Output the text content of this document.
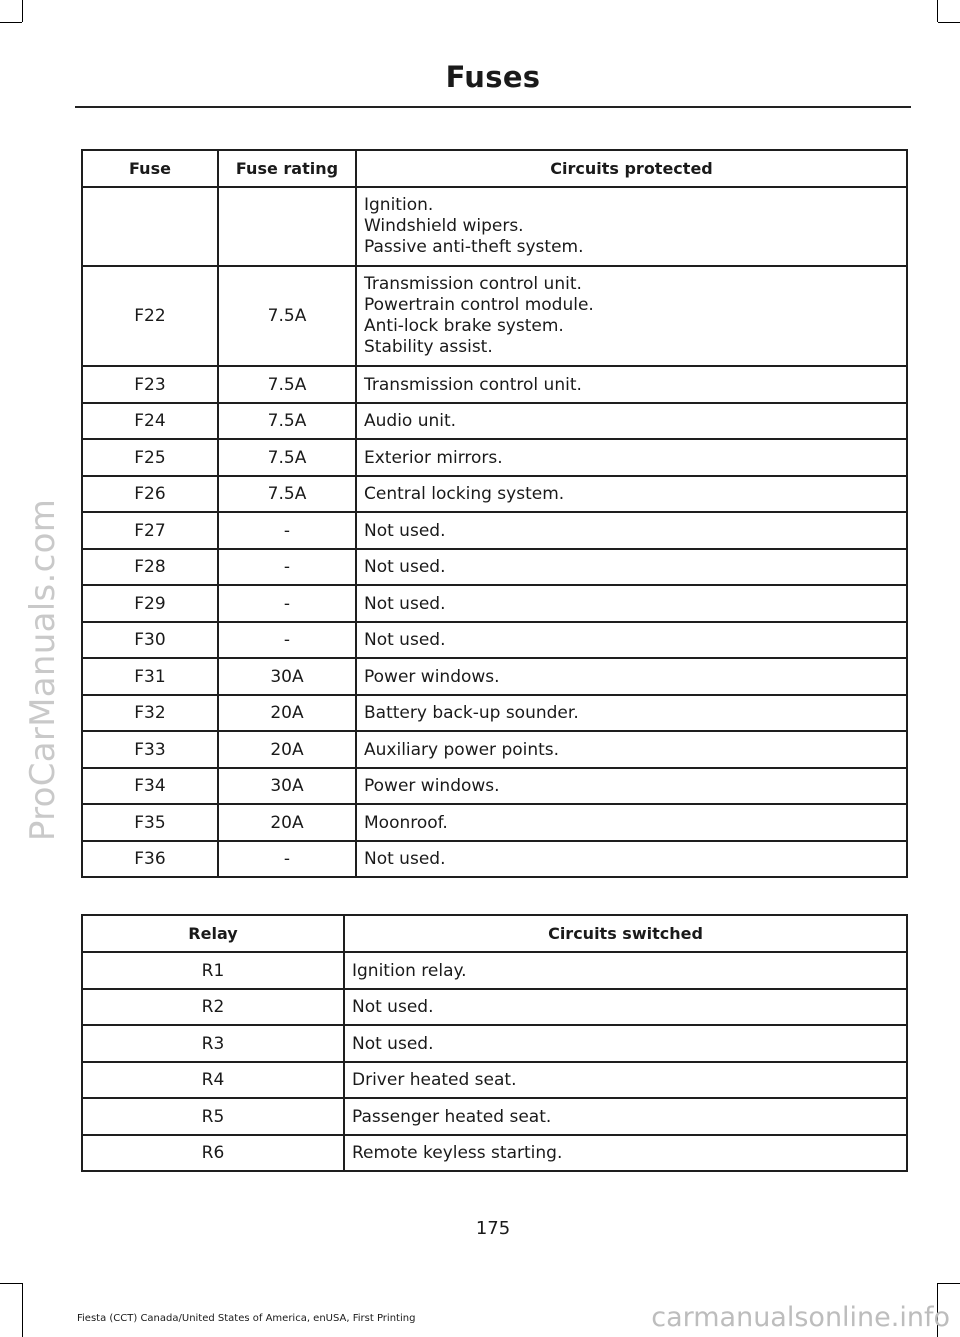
Fuses
ProCarManuals.com
Fuse	Fuse rating	Circuits protected

		Ignition.
Windshield wipers.
Passive anti-theft system.

F22	7.5A	Transmission control unit.
Powertrain control module.
Anti-lock brake system.
Stability assist.

F23	7.5A	Transmission control unit.
F24	7.5A	Audio unit.
F25	7.5A	Exterior mirrors.
F26	7.5A	Central locking system.
F27	-	Not used.
F28	-	Not used.
F29	-	Not used.
F30	-	Not used.
F31	30A	Power windows.
F32	20A	Battery back-up sounder.
F33	20A	Auxiliary power points.
F34	30A	Power windows.
F35	20A	Moonroof.
F36	-	Not used.
Relay	Circuits switched
R1	Ignition relay.
R2	Not used.
R3	Not used.
R4	Driver heated seat.
R5	Passenger heated seat.
R6	Remote keyless starting.
175
Fiesta (CCT) Canada/United States of America, enUSA, First Printing	carmanualsonline.info
